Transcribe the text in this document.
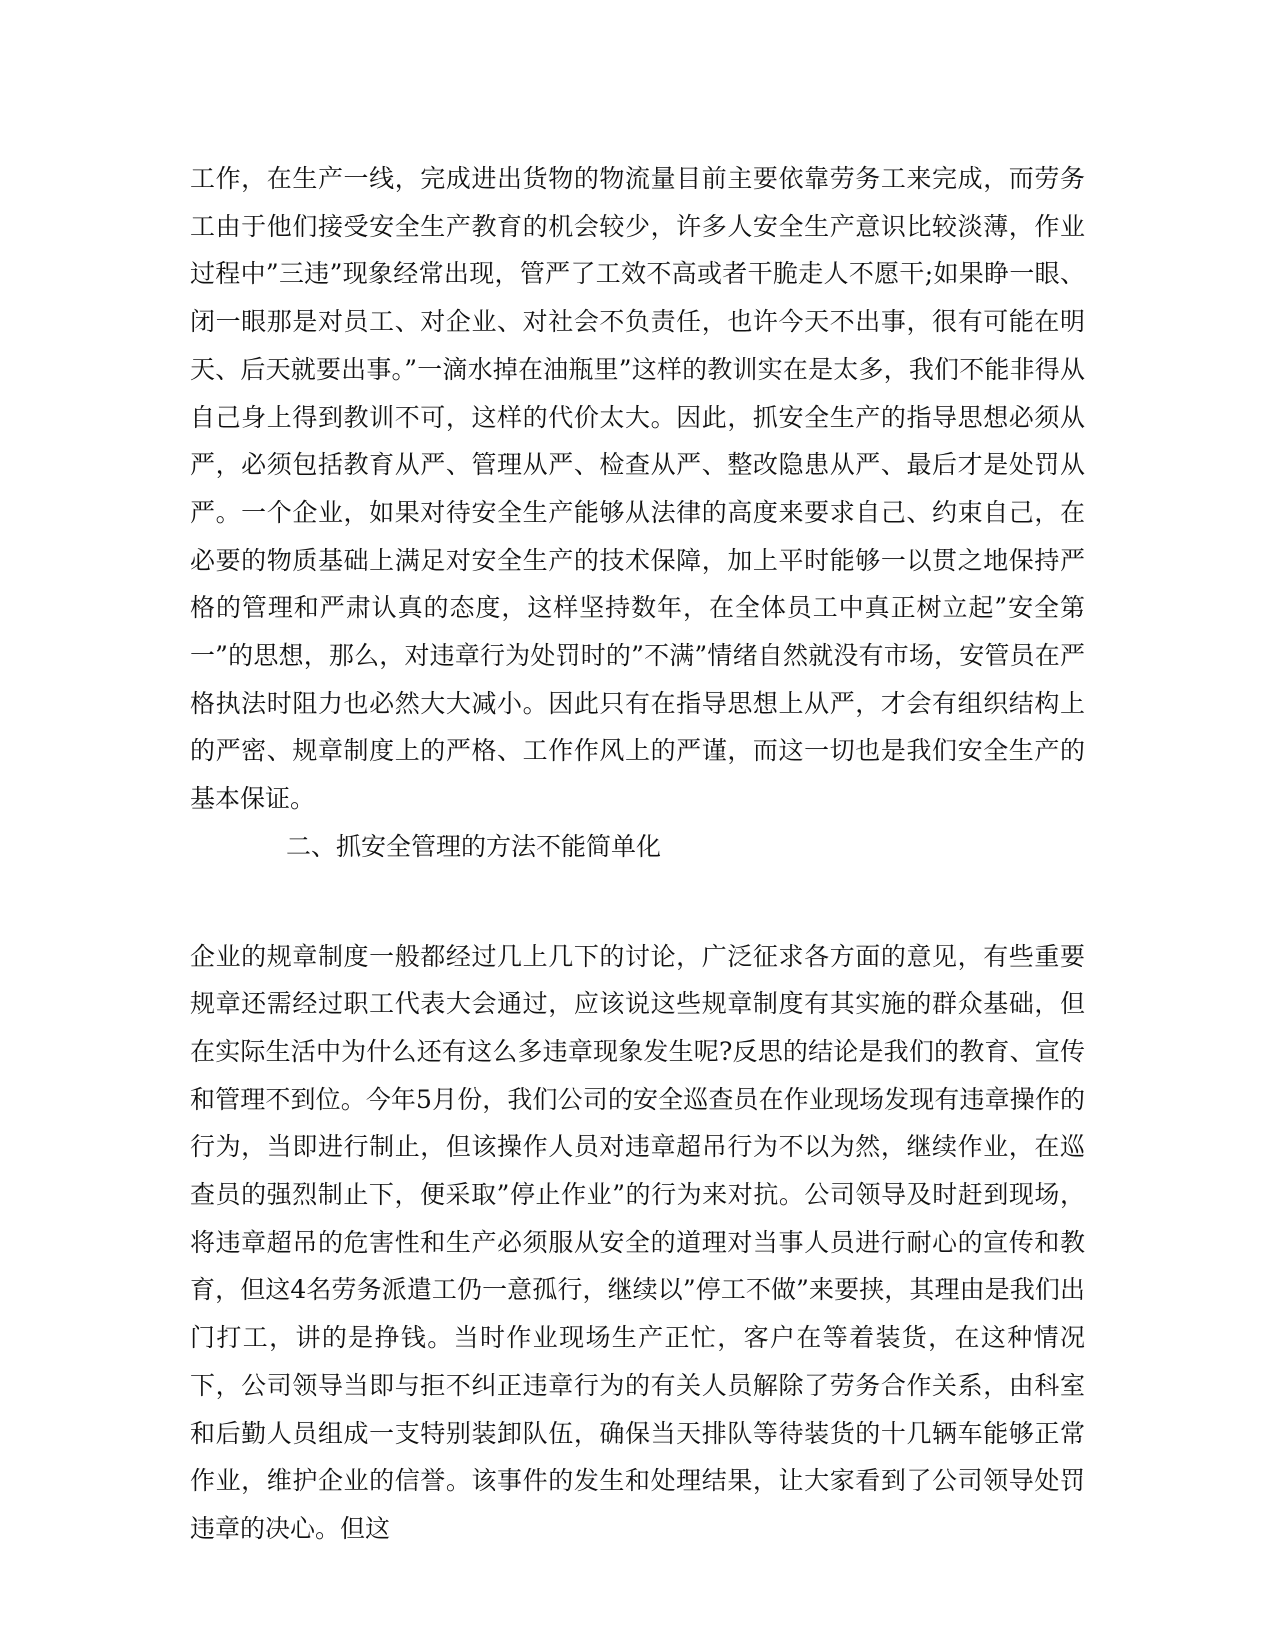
工作，在生产一线，完成进出货物的物流量目前主要依靠劳务工来完成，而劳务工由于他们接受安全生产教育的机会较少，许多人安全生产意识比较淡薄，作业过程中”三违”现象经常出现，管严了工效不高或者干脆走人不愿干;如果睁一眼、闭一眼那是对员工、对企业、对社会不负责任，也许今天不出事，很有可能在明天、后天就要出事。”一滴水掉在油瓶里”这样的教训实在是太多，我们不能非得从自己身上得到教训不可，这样的代价太大。因此，抓安全生产的指导思想必须从严，必须包括教育从严、管理从严、检查从严、整改隐患从严、最后才是处罚从严。一个企业，如果对待安全生产能够从法律的高度来要求自己、约束自己，在必要的物质基础上满足对安全生产的技术保障，加上平时能够一以贯之地保持严格的管理和严肃认真的态度，这样坚持数年，在全体员工中真正树立起”安全第一”的思想，那么，对违章行为处罚时的”不满”情绪自然就没有市场，安管员在严格执法时阻力也必然大大减小。因此只有在指导思想上从严，才会有组织结构上的严密、规章制度上的严格、工作作风上的严谨，而这一切也是我们安全生产的基本保证。

二、抓安全管理的方法不能简单化

企业的规章制度一般都经过几上几下的讨论，广泛征求各方面的意见，有些重要规章还需经过职工代表大会通过，应该说这些规章制度有其实施的群众基础，但在实际生活中为什么还有这么多违章现象发生呢?反思的结论是我们的教育、宣传和管理不到位。今年5月份，我们公司的安全巡查员在作业现场发现有违章操作的行为，当即进行制止，但该操作人员对违章超吊行为不以为然，继续作业，在巡查员的强烈制止下，便采取”停止作业”的行为来对抗。公司领导及时赶到现场，将违章超吊的危害性和生产必须服从安全的道理对当事人员进行耐心的宣传和教育，但这4名劳务派遣工仍一意孤行，继续以”停工不做”来要挟，其理由是我们出门打工，讲的是挣钱。当时作业现场生产正忙，客户在等着装货，在这种情况下，公司领导当即与拒不纠正违章行为的有关人员解除了劳务合作关系，由科室和后勤人员组成一支特别装卸队伍，确保当天排队等待装货的十几辆车能够正常作业，维护企业的信誉。该事件的发生和处理结果，让大家看到了公司领导处罚违章的决心。但这
